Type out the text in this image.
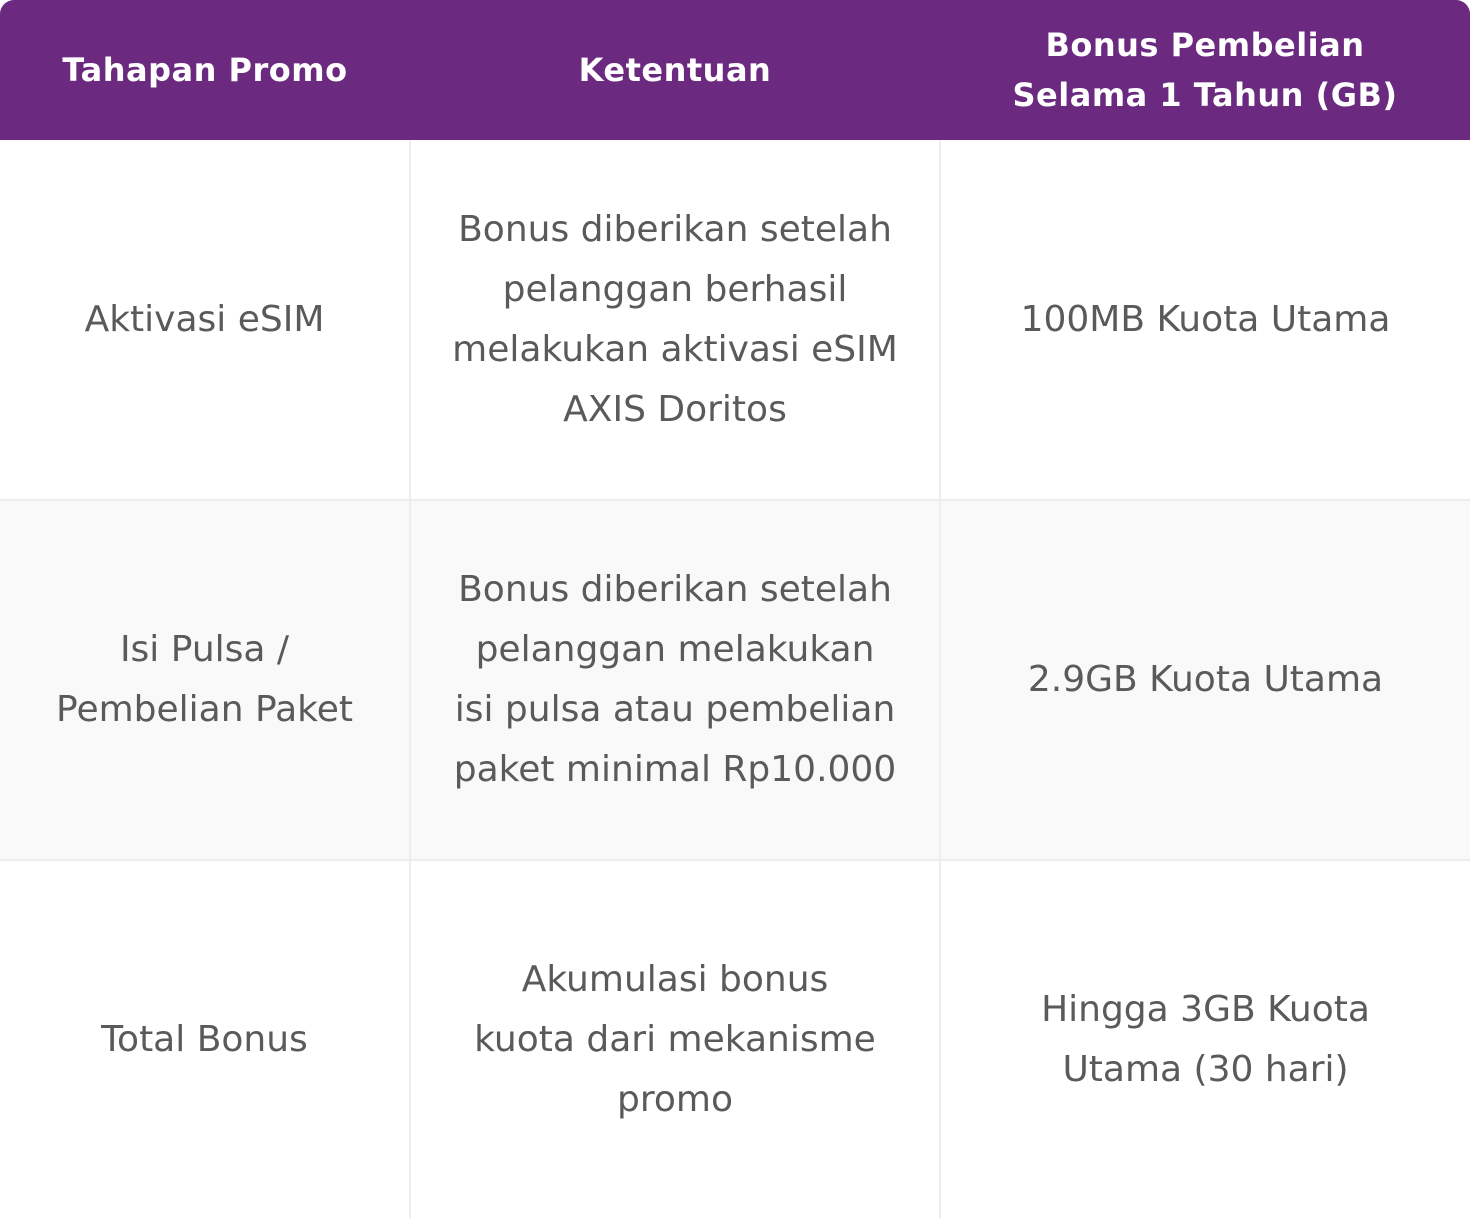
Tahapan Promo	Ketentuan	Bonus Pembelian Selama 1 Tahun (GB)
Aktivasi eSIM	Bonus diberikan setelah pelanggan berhasil melakukan aktivasi eSIM AXIS Doritos	100MB Kuota Utama
Isi Pulsa / Pembelian Paket	Bonus diberikan setelah pelanggan melakukan isi pulsa atau pembelian paket minimal Rp10.000	2.9GB Kuota Utama
Total Bonus	Akumulasi bonus kuota dari mekanisme promo	Hingga 3GB Kuota Utama (30 hari)
